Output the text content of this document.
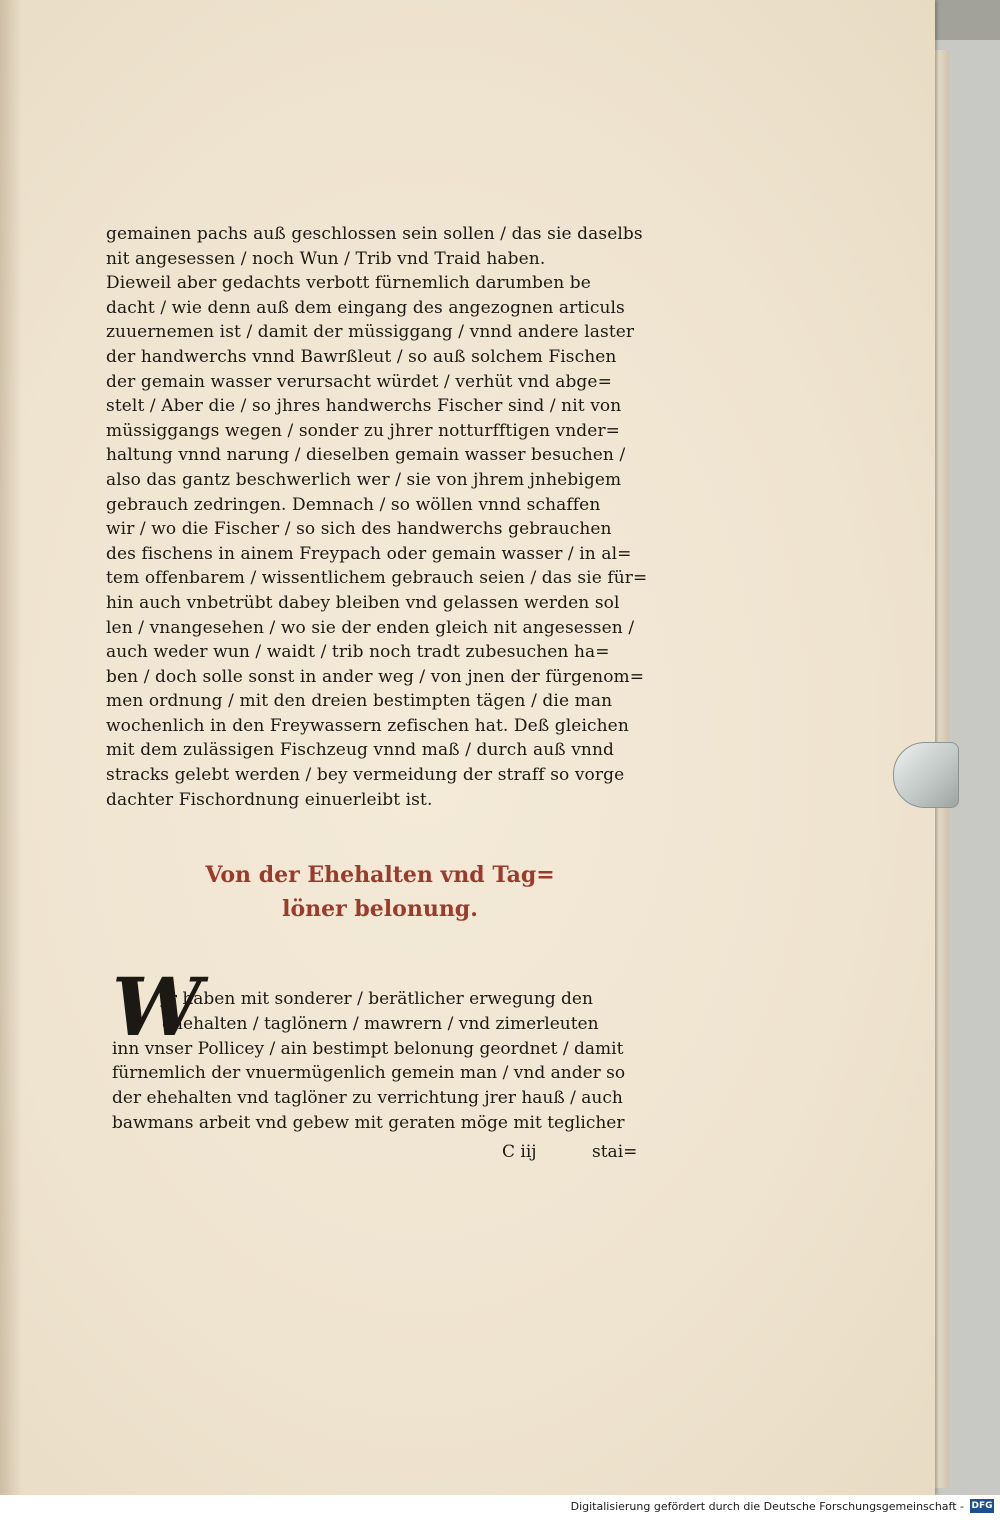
gemainen pachs auß geschlossen sein sollen / das sie daselbs
nit angesessen / noch Wun / Trib vnd Traid haben.
Dieweil aber gedachts verbott fürnemlich darumben be
dacht / wie denn auß dem eingang des angezognen articuls
zuuernemen ist / damit der müssiggang / vnnd andere laster
der handwerchs vnnd Bawrßleut / so auß solchem Fischen
der gemain wasser verursacht würdet / verhüt vnd abge=
stelt / Aber die / so jhres handwerchs Fischer sind / nit von
müssiggangs wegen / sonder zu jhrer notturfftigen vnder=
haltung vnnd narung / dieselben gemain wasser besuchen /
also das gantz beschwerlich wer / sie von jhrem jnhebigem
gebrauch zedringen. Demnach / so wöllen vnnd schaffen
wir / wo die Fischer / so sich des handwerchs gebrauchen
des fischens in ainem Freypach oder gemain wasser / in al=
tem offenbarem / wissentlichem gebrauch seien / das sie für=
hin auch vnbetrübt dabey bleiben vnd gelassen werden sol
len / vnangesehen / wo sie der enden gleich nit angesessen /
auch weder wun / waidt / trib noch tradt zubesuchen ha=
ben / doch solle sonst in ander weg / von jnen der fürgenom=
men ordnung / mit den dreien bestimpten tägen / die man
wochenlich in den Freywassern zefischen hat. Deß gleichen
mit dem zulässigen Fischzeug vnnd maß / durch auß vnnd
stracks gelebt werden / bey vermeidung der straff so vorge
dachter Fischordnung einuerleibt ist.
Von der Ehehalten vnd Tag=
löner belonung.
W
Jr haben mit sonderer / berätlicher erwegung den
ehehalten / taglönern / mawrern / vnd zimerleuten
inn vnser Pollicey / ain bestimpt belonung geordnet / damit
fürnemlich der vnuermügenlich gemein man / vnd ander so
der ehehalten vnd taglöner zu verrichtung jrer hauß / auch
bawmans arbeit vnd gebew mit geraten möge mit teglicher
C iij	stai=
Digitalisierung gefördert durch die Deutsche Forschungsgemeinschaft - DFG
